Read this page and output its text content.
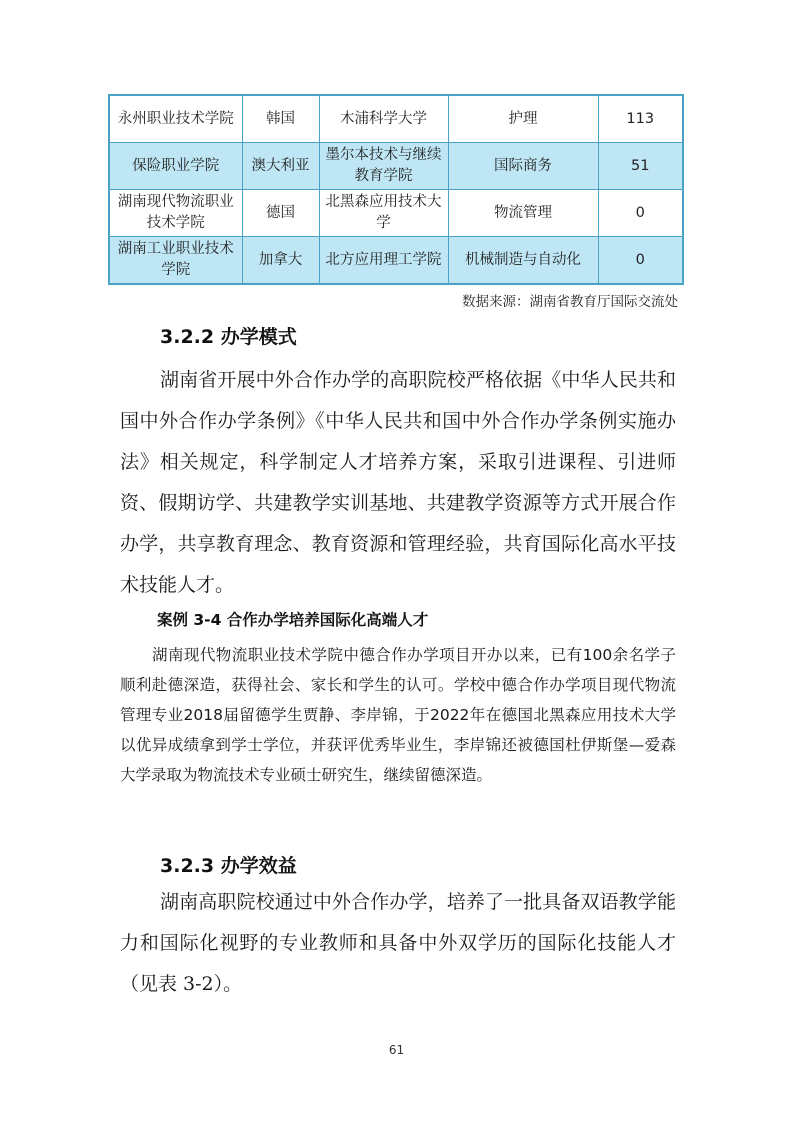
永州职业技术学院	韩国	木浦科学大学	护理	113
保险职业学院	澳大利亚	墨尔本技术与继续教育学院	国际商务	51
湖南现代物流职业技术学院	德国	北黑森应用技术大学	物流管理	0
湖南工业职业技术学院	加拿大	北方应用理工学院	机械制造与自动化	0
数据来源：湖南省教育厅国际交流处
3.2.2 办学模式

湖南省开展中外合作办学的高职院校严格依据《中华人民共和国中外合作办学条例》《中华人民共和国中外合作办学条例实施办法》相关规定，科学制定人才培养方案，采取引进课程、引进师资、假期访学、共建教学实训基地、共建教学资源等方式开展合作办学，共享教育理念、教育资源和管理经验，共育国际化高水平技术技能人才。

案例 3-4 合作办学培养国际化高端人才

湖南现代物流职业技术学院中德合作办学项目开办以来，已有100余名学子顺利赴德深造，获得社会、家长和学生的认可。学校中德合作办学项目现代物流管理专业2018届留德学生贾静、李岸锦，于2022年在德国北黑森应用技术大学以优异成绩拿到学士学位，并获评优秀毕业生，李岸锦还被德国杜伊斯堡—爱森大学录取为物流技术专业硕士研究生，继续留德深造。

3.2.3 办学效益

湖南高职院校通过中外合作办学，培养了一批具备双语教学能力和国际化视野的专业教师和具备中外双学历的国际化技能人才（见表 3-2）。

61
